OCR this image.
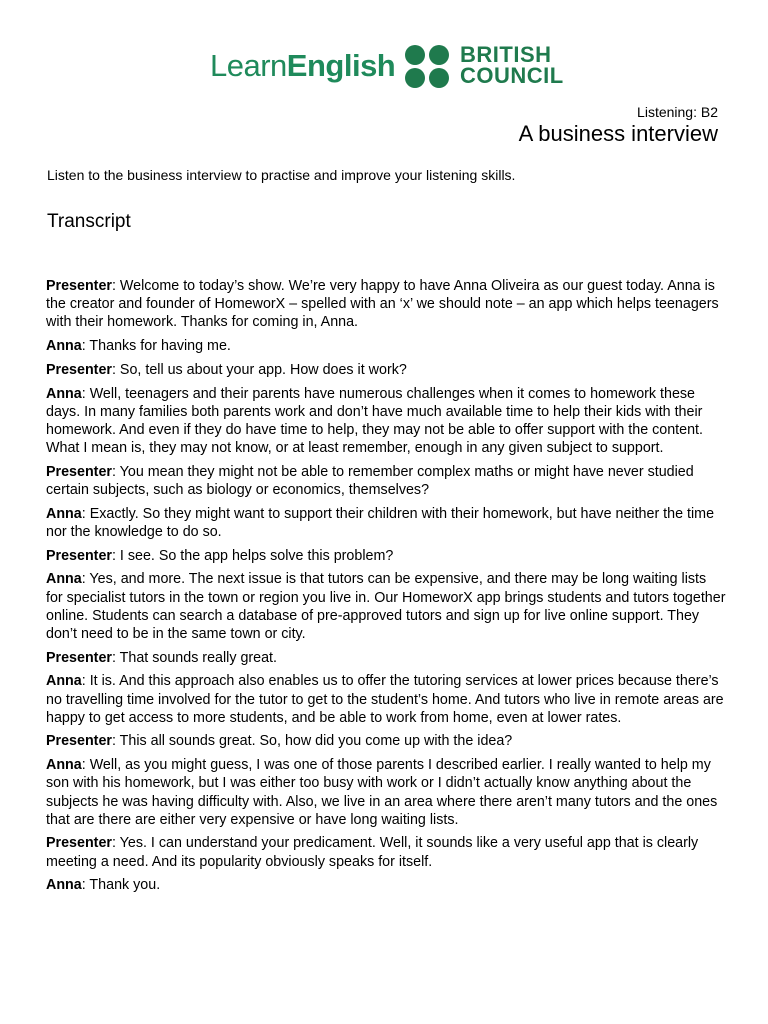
LearnEnglish	BRITISH
COUNCIL
Listening: B2
A business interview
Listen to the business interview to practise and improve your listening skills.
Transcript

Presenter: Welcome to today’s show. We’re very happy to have Anna Oliveira as our guest today. Anna is the creator and founder of HomeworX – spelled with an ‘x’ we should note – an app which helps teenagers with their homework. Thanks for coming in, Anna.

Anna: Thanks for having me.

Presenter: So, tell us about your app. How does it work?

Anna: Well, teenagers and their parents have numerous challenges when it comes to homework these days. In many families both parents work and don’t have much available time to help their kids with their homework. And even if they do have time to help, they may not be able to offer support with the content. What I mean is, they may not know, or at least remember, enough in any given subject to support.

Presenter: You mean they might not be able to remember complex maths or might have never studied certain subjects, such as biology or economics, themselves?

Anna: Exactly. So they might want to support their children with their homework, but have neither the time nor the knowledge to do so.

Presenter: I see. So the app helps solve this problem?

Anna: Yes, and more. The next issue is that tutors can be expensive, and there may be long waiting lists for specialist tutors in the town or region you live in. Our HomeworX app brings students and tutors together online. Students can search a database of pre-approved tutors and sign up for live online support. They don’t need to be in the same town or city.

Presenter: That sounds really great.

Anna: It is. And this approach also enables us to offer the tutoring services at lower prices because there’s no travelling time involved for the tutor to get to the student’s home. And tutors who live in remote areas are happy to get access to more students, and be able to work from home, even at lower rates.

Presenter: This all sounds great. So, how did you come up with the idea?

Anna: Well, as you might guess, I was one of those parents I described earlier. I really wanted to help my son with his homework, but I was either too busy with work or I didn’t actually know anything about the subjects he was having difficulty with. Also, we live in an area where there aren’t many tutors and the ones that are there are either very expensive or have long waiting lists.

Presenter: Yes. I can understand your predicament. Well, it sounds like a very useful app that is clearly meeting a need. And its popularity obviously speaks for itself.

Anna: Thank you.
